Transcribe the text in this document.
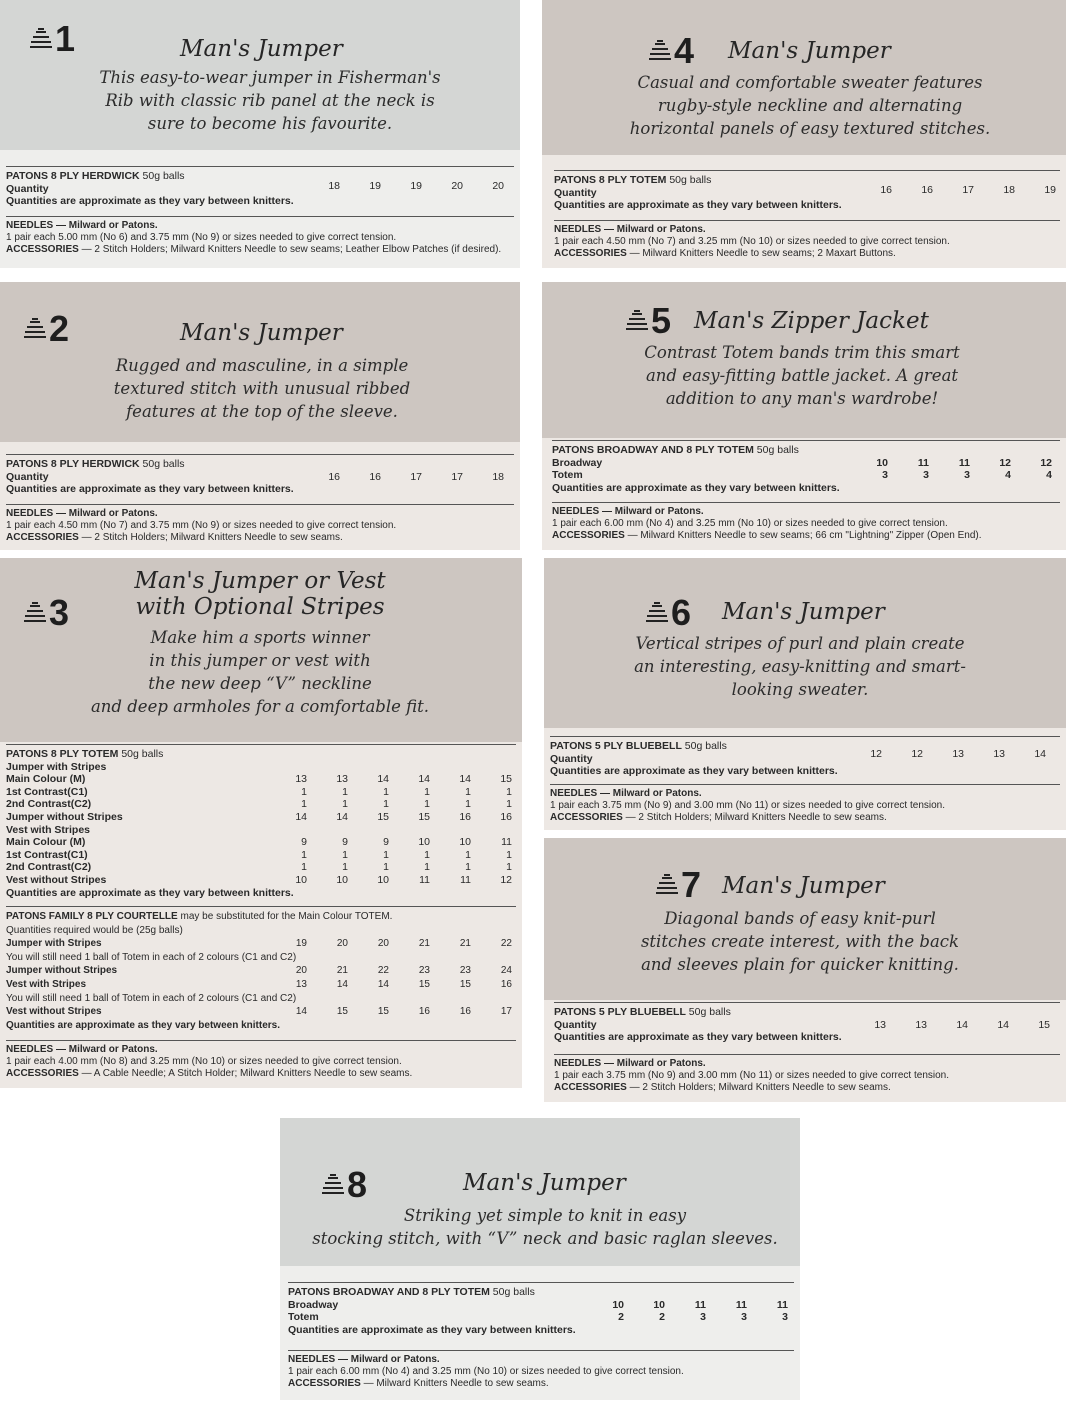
1	Man's Jumper
This easy-to-wear jumper in Fisherman's
Rib with classic rib panel at the neck is
sure to become his favourite.
PATONS 8 PLY HERDWICK 50g balls
Quantity	18	19	19	20	20
Quantities are approximate as they vary between knitters.

NEEDLES — Milward or Patons.

1 pair each 5.00 mm (No 6) and 3.75 mm (No 9) or sizes needed to give correct tension.

ACCESSORIES — 2 Stitch Holders; Milward Knitters Needle to sew seams; Leather Elbow Patches (if desired).

4 Man's Jumper
Casual and comfortable sweater features
rugby-style neckline and alternating
horizontal panels of easy textured stitches.
PATONS 8 PLY TOTEM 50g balls
Quantity	16	16	17	18	19
Quantities are approximate as they vary between knitters.

NEEDLES — Milward or Patons.

1 pair each 4.50 mm (No 7) and 3.25 mm (No 10) or sizes needed to give correct tension.

ACCESSORIES — Milward Knitters Needle to sew seams; 2 Maxart Buttons.

2	Man's Jumper
Rugged and masculine, in a simple
textured stitch with unusual ribbed
features at the top of the sleeve.
PATONS 8 PLY HERDWICK 50g balls
Quantity	16	16	17	17	18
Quantities are approximate as they vary between knitters.

NEEDLES — Milward or Patons.

1 pair each 4.50 mm (No 7) and 3.75 mm (No 9) or sizes needed to give correct tension.

ACCESSORIES — 2 Stitch Holders; Milward Knitters Needle to sew seams.

5 Man's Zipper Jacket
Contrast Totem bands trim this smart
and easy-fitting battle jacket. A great
addition to any man's wardrobe!
PATONS BROADWAY AND 8 PLY TOTEM 50g balls
Broadway	10	11	11	12	12
Totem	3	3	3	4	4
Quantities are approximate as they vary between knitters.

NEEDLES — Milward or Patons.

1 pair each 6.00 mm (No 4) and 3.25 mm (No 10) or sizes needed to give correct tension.

ACCESSORIES — Milward Knitters Needle to sew seams; 66 cm "Lightning" Zipper (Open End).

3
Man's Jumper or Vest
with Optional Stripes
Make him a sports winner
in this jumper or vest with
the new deep “V” neckline
and deep armholes for a comfortable fit.
PATONS 8 PLY TOTEM 50g balls
Jumper with Stripes
Main Colour (M)	13	13	14	14	14	15
1st Contrast(C1)	1	1	1	1	1	1
2nd Contrast(C2)	1	1	1	1	1	1
Jumper without Stripes	14	14	15	15	16	16
Vest with Stripes
Main Colour (M)	9	9	9	10	10	11
1st Contrast(C1)	1	1	1	1	1	1
2nd Contrast(C2)	1	1	1	1	1	1
Vest without Stripes	10	10	10	11	11	12
Quantities are approximate as they vary between knitters.

PATONS FAMILY 8 PLY COURTELLE may be substituted for the Main Colour TOTEM.

Quantities required would be (25g balls)

Jumper with Stripes	19	20	20	21	21	22
You will still need 1 ball of Totem in each of 2 colours (C1 and C2)
Jumper without Stripes	20	21	22	23	23	24
Vest with Stripes	13	14	14	15	15	16
You will still need 1 ball of Totem in each of 2 colours (C1 and C2)
Vest without Stripes	14	15	15	16	16	17

Quantities are approximate as they vary between knitters.

NEEDLES — Milward or Patons.

1 pair each 4.00 mm (No 8) and 3.25 mm (No 10) or sizes needed to give correct tension.

ACCESSORIES — A Cable Needle; A Stitch Holder; Milward Knitters Needle to sew seams.

6 Man's Jumper
Vertical stripes of purl and plain create
an interesting, easy-knitting and smart-
looking sweater.
PATONS 5 PLY BLUEBELL 50g balls
Quantity	12	12	13	13	14
Quantities are approximate as they vary between knitters.

NEEDLES — Milward or Patons.

1 pair each 3.75 mm (No 9) and 3.00 mm (No 11) or sizes needed to give correct tension.

ACCESSORIES — 2 Stitch Holders; Milward Knitters Needle to sew seams.

7 Man's Jumper
Diagonal bands of easy knit-purl
stitches create interest, with the back
and sleeves plain for quicker knitting.
PATONS 5 PLY BLUEBELL 50g balls
Quantity	13	13	14	14	15
Quantities are approximate as they vary between knitters.

NEEDLES — Milward or Patons.

1 pair each 3.75 mm (No 9) and 3.00 mm (No 11) or sizes needed to give correct tension.

ACCESSORIES — 2 Stitch Holders; Milward Knitters Needle to sew seams.

8	Man's Jumper
Striking yet simple to knit in easy
stocking stitch, with “V” neck and basic raglan sleeves.
PATONS BROADWAY AND 8 PLY TOTEM 50g balls
Broadway	10	10	11	11	11
Totem	2	2	3	3	3
Quantities are approximate as they vary between knitters.

NEEDLES — Milward or Patons.

1 pair each 6.00 mm (No 4) and 3.25 mm (No 10) or sizes needed to give correct tension.

ACCESSORIES — Milward Knitters Needle to sew seams.
